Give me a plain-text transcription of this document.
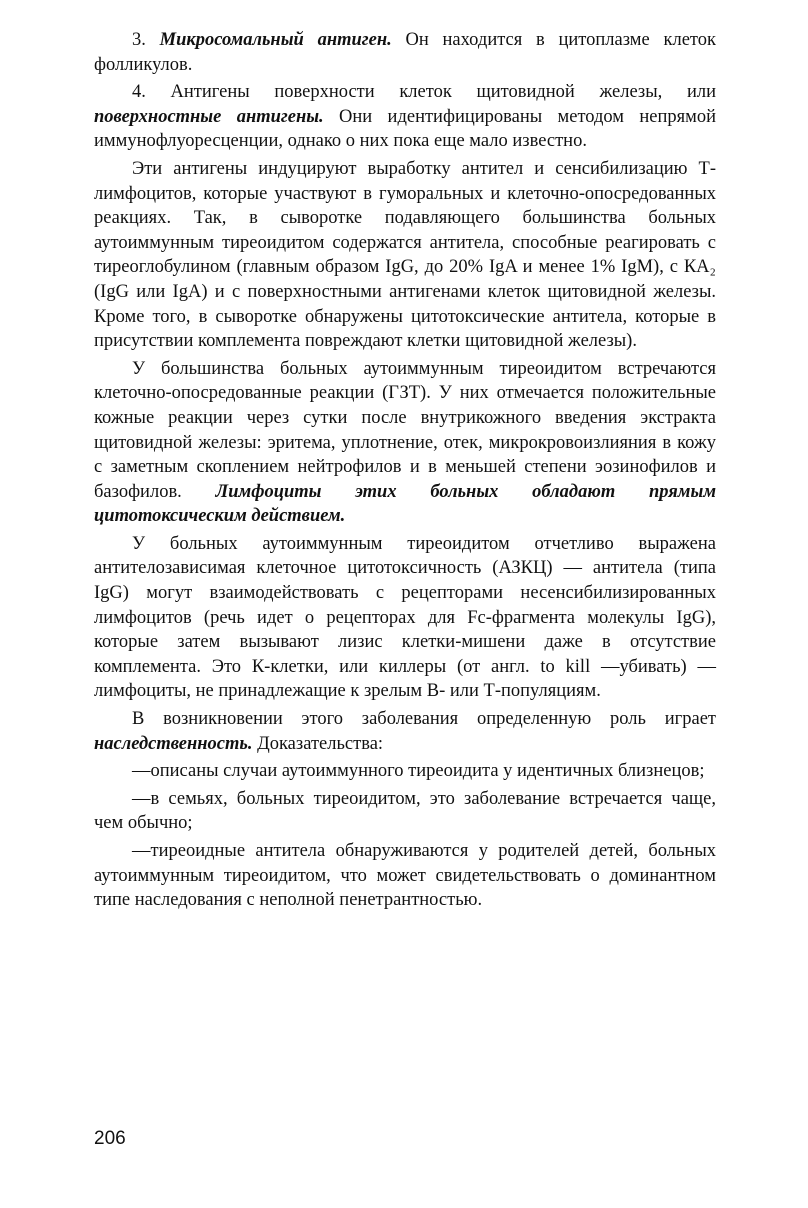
3. Микросомальный антиген. Он находится в цитоплазме клеток фолликулов.

4. Антигены поверхности клеток щитовидной железы, или поверхностные антигены. Они идентифицированы методом непрямой иммунофлуоресценции, однако о них пока еще мало известно.

Эти антигены индуцируют выработку антител и сенсибилизацию Т-лимфоцитов, которые участвуют в гуморальных и клеточно-опосредованных реакциях. Так, в сыворотке подавляющего большинства больных аутоиммунным тиреоидитом содержатся антитела, способные реагировать с тиреоглобулином (главным образом IgG, до 20% IgA и менее 1% IgM), с КА₂ (IgG или IgA) и с поверхностными антигенами клеток щитовидной железы. Кроме того, в сыворотке обнаружены цитотоксические антитела, которые в присутствии комплемента повреждают клетки щитовидной железы).

У большинства больных аутоиммунным тиреоидитом встречаются клеточно-опосредованные реакции (ГЗТ). У них отмечается положительные кожные реакции через сутки после внутрикожного введения экстракта щитовидной железы: эритема, уплотнение, отек, микрокровоизлияния в кожу с заметным скоплением нейтрофилов и в меньшей степени эозинофилов и базофилов. Лимфоциты этих больных обладают прямым цитотоксическим действием.

У больных аутоиммунным тиреоидитом отчетливо выражена антителозависимая клеточное цитотоксичность (АЗКЦ) — антитела (типа IgG) могут взаимодействовать с рецепторами несенсибилизированных лимфоцитов (речь идет о рецепторах для Fc-фрагмента молекулы IgG), которые затем вызывают лизис клетки-мишени даже в отсутствие комплемента. Это К-клетки, или киллеры (от англ. to kill —убивать) —лимфоциты, не принадлежащие к зрелым В- или Т-популяциям.

В возникновении этого заболевания определенную роль играет наследственность. Доказательства:

—описаны случаи аутоиммунного тиреоидита у идентичных близнецов;

—в семьях, больных тиреоидитом, это заболевание встречается чаще, чем обычно;

—тиреоидные антитела обнаруживаются у родителей детей, больных аутоиммунным тиреоидитом, что может свидетельствовать о доминантном типе наследования с неполной пенетрантностью.

206
